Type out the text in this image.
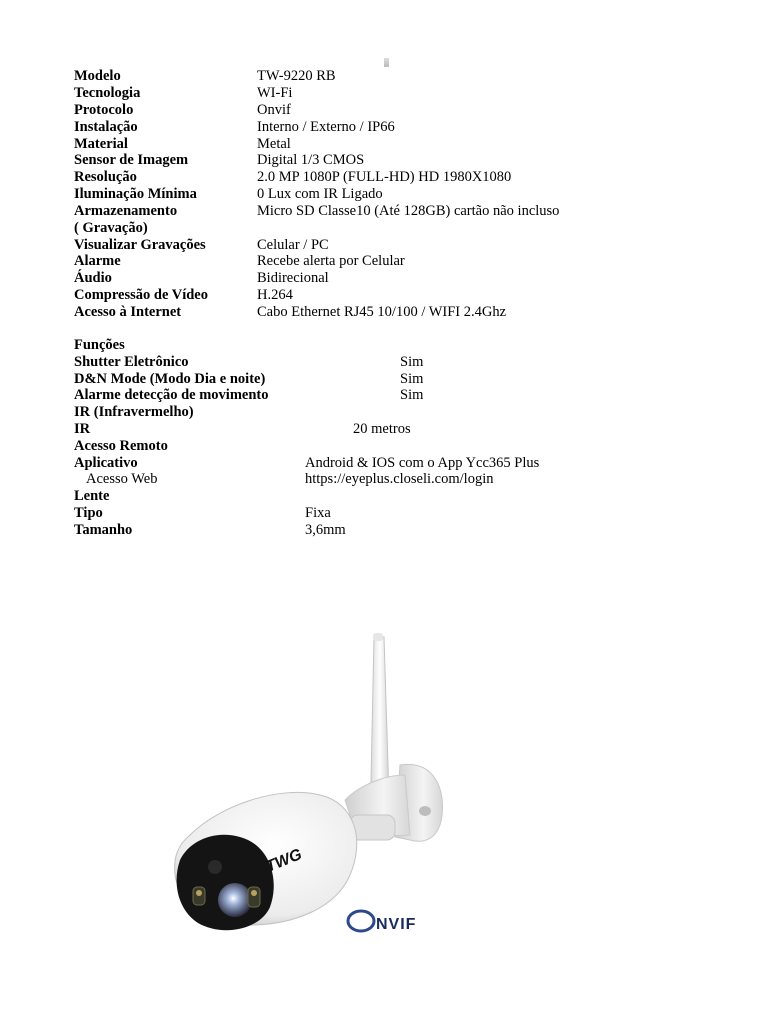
Modelo	TW-9220 RB
Tecnologia	WI-Fi
Protocolo	Onvif
Instalação	Interno / Externo / IP66
Material	Metal
Sensor de Imagem	Digital 1/3 CMOS
Resolução	2.0 MP 1080P (FULL-HD) HD 1980X1080
Iluminação Mínima	0 Lux com IR Ligado
Armazenamento	Micro SD Classe10 (Até 128GB) cartão não incluso
( Gravação)
Visualizar Gravações	Celular / PC
Alarme	Recebe alerta por Celular
Áudio	Bidirecional
Compressão de Vídeo	H.264
Acesso à Internet	Cabo Ethernet RJ45 10/100 / WIFI 2.4Ghz
Funções
Shutter Eletrônico	Sim
D&N Mode (Modo Dia e noite)	Sim
Alarme detecção de movimento	Sim
IR (Infravermelho)
IR	20 metros
Acesso Remoto
Aplicativo	Android & IOS com o App Ycc365 Plus
Acesso Web	https://eyeplus.closeli.com/login
Lente
Tipo	Fixa
Tamanho	3,6mm
TWG
NVIF
